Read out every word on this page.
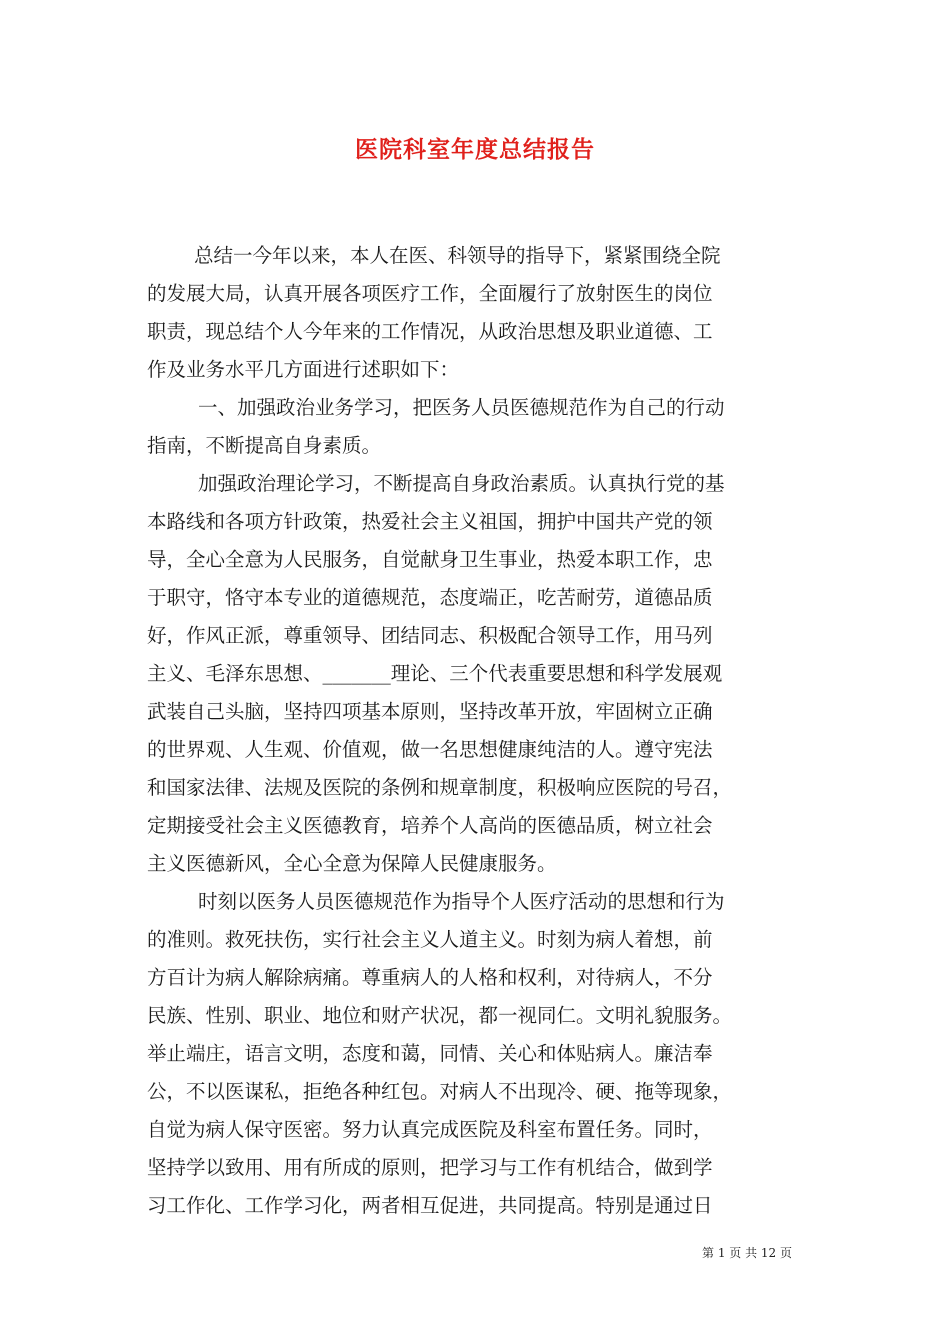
医院科室年度总结报告
总结一今年以来，本人在医、科领导的指导下，紧紧围绕全院
的发展大局，认真开展各项医疗工作，全面履行了放射医生的岗位
职责，现总结个人今年来的工作情况，从政治思想及职业道德、工
作及业务水平几方面进行述职如下：
一、加强政治业务学习，把医务人员医德规范作为自己的行动
指南，不断提高自身素质。
加强政治理论学习，不断提高自身政治素质。认真执行党的基
本路线和各项方针政策，热爱社会主义祖国，拥护中国共产党的领
导，全心全意为人民服务，自觉献身卫生事业，热爱本职工作，忠
于职守，恪守本专业的道德规范，态度端正，吃苦耐劳，道德品质
好，作风正派，尊重领导、团结同志、积极配合领导工作，用马列
主义、毛泽东思想、_______理论、三个代表重要思想和科学发展观
武装自己头脑，坚持四项基本原则，坚持改革开放，牢固树立正确
的世界观、人生观、价值观，做一名思想健康纯洁的人。遵守宪法
和国家法律、法规及医院的条例和规章制度，积极响应医院的号召，
定期接受社会主义医德教育，培养个人高尚的医德品质，树立社会
主义医德新风，全心全意为保障人民健康服务。
时刻以医务人员医德规范作为指导个人医疗活动的思想和行为
的准则。救死扶伤，实行社会主义人道主义。时刻为病人着想，前
方百计为病人解除病痛。尊重病人的人格和权利，对待病人，不分
民族、性别、职业、地位和财产状况，都一视同仁。文明礼貌服务。
举止端庄，语言文明，态度和蔼，同情、关心和体贴病人。廉洁奉
公，不以医谋私，拒绝各种红包。对病人不出现冷、硬、拖等现象，
自觉为病人保守医密。努力认真完成医院及科室布置任务。同时，
坚持学以致用、用有所成的原则，把学习与工作有机结合，做到学
习工作化、工作学习化，两者相互促进，共同提高。特别是通过日
第 1 页 共 12 页
